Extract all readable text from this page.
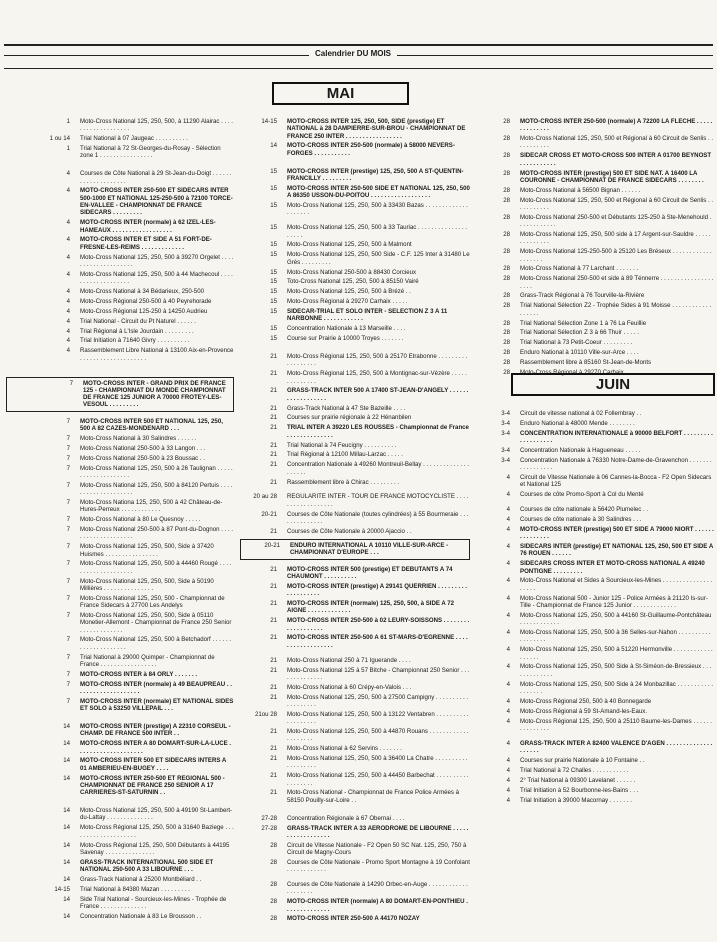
Calendrier DU MOIS
MAI
JUIN
1	Moto-Cross National 125, 250, 500, à 11290 Alairac . . . . . . . . . . . . . . . . . . .
1 ou 14	Trial National à 07 Jaugeac . . . . . . . . . .
1	Trial National à 72 St-Georges-du-Rosay - Sélection zone 1 . . . . . . . . . . . . . . . .
4	Courses de Côte National à 29 St-Jean-du-Doigt . . . . . . . . . . . . . . . . . . . .
4	MOTO-CROSS INTER 250-500 ET SIDECARS INTER 500-1000 ET NATIONAL 125-250-500 à 72100 TORCE-EN-VALLEE - CHAMPIONNAT DE FRANCE SIDECARS . . . . . . . . .
4	MOTO-CROSS INTER (normale) à 62 IZEL-LES-HAMEAUX . . . . . . . . . . . . . . . . . .
4	MOTO-CROSS INTER ET SIDE A 51 FORT-DE-FRESNE-LES-REIMS . . . . . . . . . . . . .
4	Moto-Cross National 125, 250, 500 à 39270 Orgelet . . . . . . . . . . . . . . . . . . . .
4	Moto-Cross National 125, 250, 500 à 44 Machecoul . . . . . . . . . . . . . . . . . . .
4	Moto-Cross National à 34 Bédarieux, 250-500
4	Moto-Cross Régional 250-500 à 40 Peyrehorade
4	Moto-Cross Régional 125-250 à 14250 Audrieu
4	Trial National - Circuit du Pt Naturel . . . . . .
4	Trial Régional à L'Isle Jourdain . . . . . . . . .
4	Trial Initiation à 71640 Givry . . . . . . . . . .
4	Rassemblement Libre National à 13100 Aix-en-Provence . . . . . . . . . . . . . . . . . . . .
7	MOTO-CROSS INTER - GRAND PRIX DE FRANCE 125 - CHAMPIONNAT DU MONDE CHAMPIONNAT DE FRANCE 125 JUNIOR A 70000 FROTEY-LES-VESOUL . . . . . . . . .
7	MOTO-CROSS INTER 500 ET NATIONAL 125, 250, 500 A 82 CAZES-MONDENARD . . .
7	Moto-Cross National à 30 Salindres . . . . . .
7	Moto-Cross National 250-500 à 33 Langon . . .
7	Moto-Cross National 250-500 à 23 Boussac . .
7	Moto-Cross National 125, 250, 500 à 26 Taulignan . . . . . . . . . . . . . . . . . . . .
7	Moto-Cross National 125, 250, 500 à 84120 Pertuis . . . . . . . . . . . . . . . . . . . .
7	Moto-Cross Nationa 125, 250, 500 à 42 Château-de-Hures-Perreux . . . . . . . . . . . .
7	Moto-Cross National à 80 Le Quesnoy . . . . .
7	Moto-Cross National 250-500 à 87 Pont-du-Dognon . . . . . . . . . . . . . . . . . . . .
7	Moto-Cross National 125, 250, 500, Side à 37420 Huismes . . . . . . . . . . . . . . . .
7	Moto-Cross National 125, 250, 500 à 44460 Rougé . . . . . . . . . . . . . . . . . . . .
7	Moto-Cross National 125, 250, 500, Side à 50190 Millières . . . . . . . . . . . . . . .
7	Moto-Cross National 125, 250, 500 - Championnat de France Sidecars à 27700 Les Andelys
7	Moto-Cross National 125, 250, 500, Side à 05110 Monetier-Allemont - Championnat de France 250 Senior . . . . . . . . . . . . .
7	Moto-Cross National 125, 250, 500 à Betchadorf . . . . . . . . . . . . . . . . . . . .
7	Trial National à 29000 Quimper - Championnat de France . . . . . . . . . . . . . . . . .
7	MOTO-CROSS INTER à 84 ORLY . . . . . . .
7	MOTO-CROSS INTER (normale) à 49 BEAUPREAU . . . . . . . . . . . . . . . . . . . .
7	MOTO-CROSS INTER (normale) ET NATIONAL SIDES ET SOLO à 53250 VILLEPAIL . . .
14	MOTO-CROSS INTER (prestige) A 22310 CORSEUL - CHAMP. DE FRANCE 500 INTER . .
14	MOTO-CROSS INTER A 80 DOMART-SUR-LA-LUCE . . . . . . . . . . . . . . . . . . . .
14	MOTO-CROSS INTER 500 ET SIDECARS INTERS A 01 AMBERIEU-EN-BUGEY . . . .
14	MOTO-CROSS INTER 250-500 ET REGIONAL 500 - CHAMPIONNAT DE FRANCE 250 SENIOR A 17 CARRIERES-ST-SATURNIN . .
14	Moto-Cross National 125, 250, 500 à 49190 St-Lambert-du-Lattay . . . . . . . . . . . . . .
14	Moto-Cross Régional 125, 250, 500 à 31640 Baziege . . . . . . . . . . . . . . . . . . . .
14	Moto-Cross Régional 125, 250, 500 Débutants à 44195 Savenay . . . . . . . . . . . . . . .
14	GRASS-TRACK INTERNATIONAL 500 SIDE ET NATIONAL 250-500 A 33 LIBOURNE . . .
14	Grass-Track National à 25200 Montbéliard . .
14-15	Trial National à 84380 Mazan . . . . . . . . .
14	Side Trial National - Sourcieux-les-Mines - Trophée de France . . . . . . . . . . . . . .
14	Concentration Nationale à 83 Le Brousson . .
14-15	MOTO-CROSS INTER 125, 250, 500, SIDE (prestige) ET NATIONAL à 28 DAMPIERRE-SUR-BROU - CHAMPIONNAT DE FRANCE 250 INTER . . . . . . . . . . . . . . . . .
14	MOTO-CROSS INTER 250-500 (normale) à 58000 NEVERS-FORGES . . . . . . . . . . .
15	MOTO-CROSS INTER (prestige) 125, 250, 500 A ST-QUENTIN-FRANCILLY . . . . . . . . .
15	MOTO-CROSS INTER 250-500 SIDE ET NATIONAL 125, 250, 500 A 86350 USSON-DU-POITOU . . . . . . . . . . . . . . . . . .
15	Moto-Cross National 125, 250, 500 à 33430 Bazas . . . . . . . . . . . . . . . . . . . .
15	Moto-Cross National 125, 250, 500 à 33 Tauriac . . . . . . . . . . . . . . . . . . . .
15	Moto-Cross National 125, 250, 500 à Malmont
15	Moto-Cross National 125, 250, 500 Side - C.F. 125 Inter à 31480 Le Grès . . . . . . . . .
15	Moto-Cross National 250-500 à 88430 Corcieux
15	Toto-Cross National 125, 250, 500 à 85150 Vairé
15	Moto-Cross National 125, 250, 500 à Brézé . .
15	Moto-Cross Régional à 29270 Carhaix . . . . .
15	SIDECAR-TRIAL ET SOLO INTER - SELECTION Z 3 A 11 NARBONNE . . . . . . . . . . . .
15	Concentration Nationale à 13 Marseille . . . .
15	Course sur Prairie à 10000 Troyes . . . . . . .
21	Moto-Cross Régional 125, 250, 500 à 25170 Etrabonne . . . . . . . . . . . . . . . . . .
21	Moto-Cross Régional 125, 250, 500 à Montignac-sur-Vézère . . . . . . . . . . . . . .
21	GRASS-TRACK INTER 500 A 17400 ST-JEAN-D'ANGELY . . . . . . . . . . . . . . . . . .
21	Grass-Track National à 47 Ste Bazeille . . . .
21	Courses sur prairie régionale à 22 Hénanbilen
21	TRIAL INTER A 39220 LES ROUSSES - Championnat de France . . . . . . . . . . . . . .
21	Trial National à 74 Feucigny . . . . . . . . . .
21	Trial Régional à 12100 Millau-Larzac . . . . .
21	Concentration Nationale à 49260 Montreuil-Bellay . . . . . . . . . . . . . . . . . . . .
21	Rassemblement libre à Chirac . . . . . . . . .
20 au 28	REGULARITE INTER - TOUR DE FRANCE MOTOCYCLISTE . . . . . . . . . . . . . . . . . .
20-21	Courses de Côte Nationale (toutes cylindrées) à 55 Bourmeraie . . . . . . . . . . . . . .
21	Courses de Côte Nationale à 20000 Ajaccio . .
20-21	ENDURO INTERNATIONAL A 10110 VILLE-SUR-ARCE - CHAMPIONNAT D'EUROPE . . .
21	MOTO-CROSS INTER 500 (prestige) ET DEBUTANTS A 74 CHAUMONT . . . . . . . . . .
21	MOTO-CROSS INTER (prestige) A 29141 QUERRIEN . . . . . . . . . . . . . . . . . . .
21	MOTO-CROSS INTER (normale) 125, 250, 500, à SIDE A 72 AIGNE . . . . . . . . . . . . .
21	MOTO-CROSS INTER 250-500 à 02 LEURY-SOISSONS . . . . . . . . . . . . . . . . . . .
21	MOTO-CROSS INTER 250-500 A 61 ST-MARS-D'EGRENNE . . . . . . . . . . . . . . . . . .
21	Moto-Cross National 250 à 71 Iguerande . . . .
21	Moto-Cross National 125 à 57 Bitche - Championnat 250 Senior . . . . . . . . . . . . . .
21	Moto-Cross National à 60 Crépy-en-Valois . . .
21	Moto-Cross National 125, 250, 500 à 27500 Campigny . . . . . . . . . . . . . . . . . . .
21ou 28	Moto-Cross National 125, 250, 500 à 13122 Ventabren . . . . . . . . . . . . . . . . . . .
21	Moto-Cross National 125, 250, 500 à 44870 Rouans . . . . . . . . . . . . . . . . . . . .
21	Moto-Cross National à 62 Servins . . . . . . .
21	Moto-Cross National 125, 250, 500 à 36400 La Chatre . . . . . . . . . . . . . . . . . . .
21	Moto-Cross National 125, 250, 500 à 44450 Barbechat . . . . . . . . . . . . . . . . . .
21	Moto-Cross National - Championnat de France Police Armées à 58150 Pouilly-sur-Loire . .
27-28	Concentration Régionale à 67 Obernai . . . .
27-28	GRASS-TRACK INTER A 33 AERODROME DE LIBOURNE . . . . . . . . . . . . . . . . . .
28	Circuit de Vitesse Nationale - F2 Open 50 SC Nat. 125, 250, 750 à Circuit de Magny-Cours
28	Courses de Côte Nationale - Promo Sport Montagne à 19 Confolant . . . . . . . . . . . .
28	Courses de Côte Nationale à 14290 Orbec-en-Auge . . . . . . . . . . . . . . . . . . . .
28	MOTO-CROSS INTER (normale) A 80 DOMART-EN-PONTHIEU . . . . . . . . . . . . . .
28	MOTO-CROSS INTER 250-500 A 44170 NOZAY
28	MOTO-CROSS INTER 250-500 (normale) A 72200 LA FLECHE . . . . . . . . . . . . . .
28	Moto-Cross National 125, 250, 500 et Régional à 60 Circuit de Senlis . . . . . . . . . . .
28	SIDECAR CROSS ET MOTO-CROSS 500 INTER A 01700 BEYNOST . . . . . . . . . . .
28	MOTO-CROSS INTER (prestige) 500 ET SIDE NAT. A 16400 LA COURONNE - CHAMPIONNAT DE FRANCE SIDECARS . . . . . . . .
28	Moto-Cross National à 56500 Bignan . . . . . .
28	Moto-Cross National 125, 250, 500 et Régional à 60 Circuit de Senlis . . . . . . . . . . .
28	Moto-Cross National 250-500 et Débutants 125-250 à Ste-Menehould . . . . . . . . . . . .
28	Moto-Cross National 125, 250, 500 side à 17 Argent-sur-Sauldre . . . . . . . . . . . . . .
28	Moto-Cross National 125-250-500 à 25120 Les Bréseux . . . . . . . . . . . . . . . . . . .
28	Moto-Cross National à 77 Larchant . . . . . . .
28	Moto-Cross National 250-500 et side à 89 Ténnerre . . . . . . . . . . . . . . . . . . . .
28	Grass-Track Régional à 76 Tourville-la-Rivière
28	Trial National Sélection Z2 - Trophée Sides à 91 Moisse . . . . . . . . . . . . . . . . . .
28	Trial National Sélection Zone 1 à 76 La Feuillie
28	Trial National Sélection Z 3 à 66 Thuir . . . . .
28	Trial National à 73 Petit-Coeur . . . . . . . . .
28	Enduro National à 10110 Ville-sur-Arce . . . .
28	Rassemblement libre à 85160 St-Jean-de-Monts
28	Moto-Cross Régional à 29270 Carhaix . . . . . .
3-4	Circuit de vitesse national à 02 Follembray . .
3-4	Enduro National à 48000 Mende . . . . . . . .
3-4	CONCENTRATION INTERNATIONALE à 90000 BELFORT . . . . . . . . . . . . . . . . . . .
3-4	Concentration Nationale à Hagueneau . . . . .
3-4	Concentration Nationale à 76330 Notre-Dame-de-Gravenchon . . . . . . . . . . . . . . . . .
4	Circuit de Vitesse Nationale à 06 Cannes-la-Bocca - F2 Open Sidecars et National 125
4	Courses de côte Promo-Sport à Col du Menté
4	Courses de côte nationale à 56420 Plumelec . .
4	Courses de côte nationale à 30 Salindres . . .
4	MOTO-CROSS INTER (prestige) 500 ET SIDE A 79000 NIORT . . . . . . . . . . . . . . .
4	SIDECARS INTER (prestige) ET NATIONAL 125, 250, 500 ET SIDE A 76 ROUEN . . . . . .
4	SIDECARS CROSS INTER ET MOTO-CROSS NATIONAL A 49240 PONTIGNE . . . . . . . . .
4	Moto-Cross National et Sides à Sourcieux-les-Mines . . . . . . . . . . . . . . . . . . . .
4	Moto-Cross National 500 - Junior 125 - Police Armées à 21120 Is-sur-Tille - Championnat de France 125 Junior . . . . . . . . . . . . .
4	Moto-Cross National 125, 250, 500 à 44160 St-Guillaume-Pontchâteau . . . . . . . . . . . .
4	Moto-Cross National 125, 250, 500 à 36 Selles-sur-Nahon . . . . . . . . . . . . . . . . . .
4	Moto-Cross National 125, 250, 500 à 51220 Hermonville . . . . . . . . . . . . . . . . . .
4	Moto-Cross National 125, 250, 500 Side à St-Siméon-de-Bressieux . . . . . . . . . . . . .
4	Moto-Cross National 125, 250, 500 Side à 24 Monbazillac . . . . . . . . . . . . . . . . . .
4	Moto-Cross Régional 250, 500 à 40 Bonnegarde
4	Moto-Cross Régional à 59 St-Amand-les-Eaux.
4	Moto-Cross Régional 125, 250, 500 à 25110 Baume-les-Dames . . . . . . . . . . . . . . .
4	GRASS-TRACK INTER A 82400 VALENCE D'AGEN . . . . . . . . . . . . . . . . . . . .
4	Courses sur prairie Nationale à 10 Fontaine . .
4	Trial National à 72 Challes . . . . . . . . . . .
4	2° Trial National à 09300 Lavelanet . . . . . .
4	Trial Initiation à 52 Bourbonne-les-Bains . . .
4	Trial Initiation à 39000 Macornay . . . . . . .
